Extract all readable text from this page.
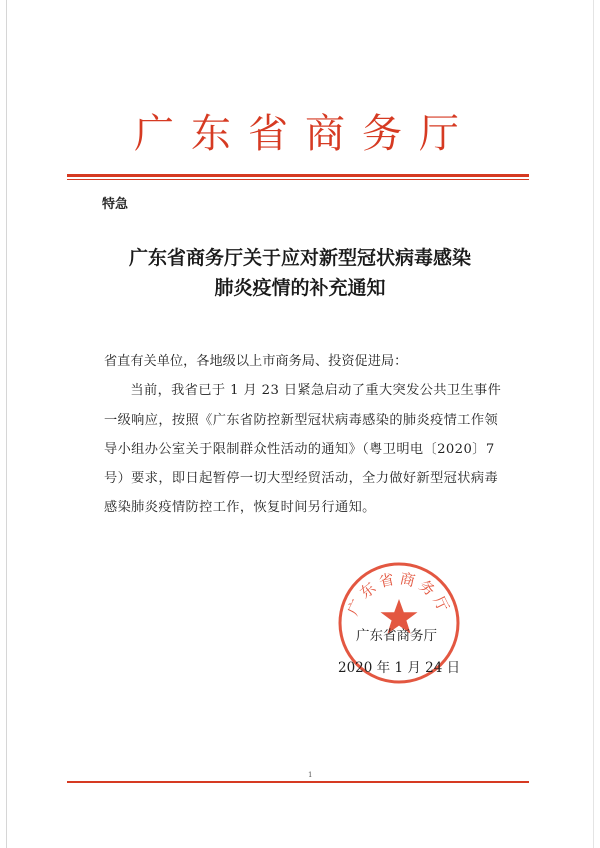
广东省商务厅
特急
广东省商务厅关于应对新型冠状病毒感染
肺炎疫情的补充通知
省直有关单位，各地级以上市商务局、投资促进局：

当前，我省已于 1 月 23 日紧急启动了重大突发公共卫生事件一级响应，按照《广东省防控新型冠状病毒感染的肺炎疫情工作领导小组办公室关于限制群众性活动的通知》（粤卫明电〔2020〕7 号）要求，即日起暂停一切大型经贸活动，全力做好新型冠状病毒感染肺炎疫情防控工作，恢复时间另行通知。

广东省商务厅
广东省商务厅
2020 年 1 月 24 日
1
